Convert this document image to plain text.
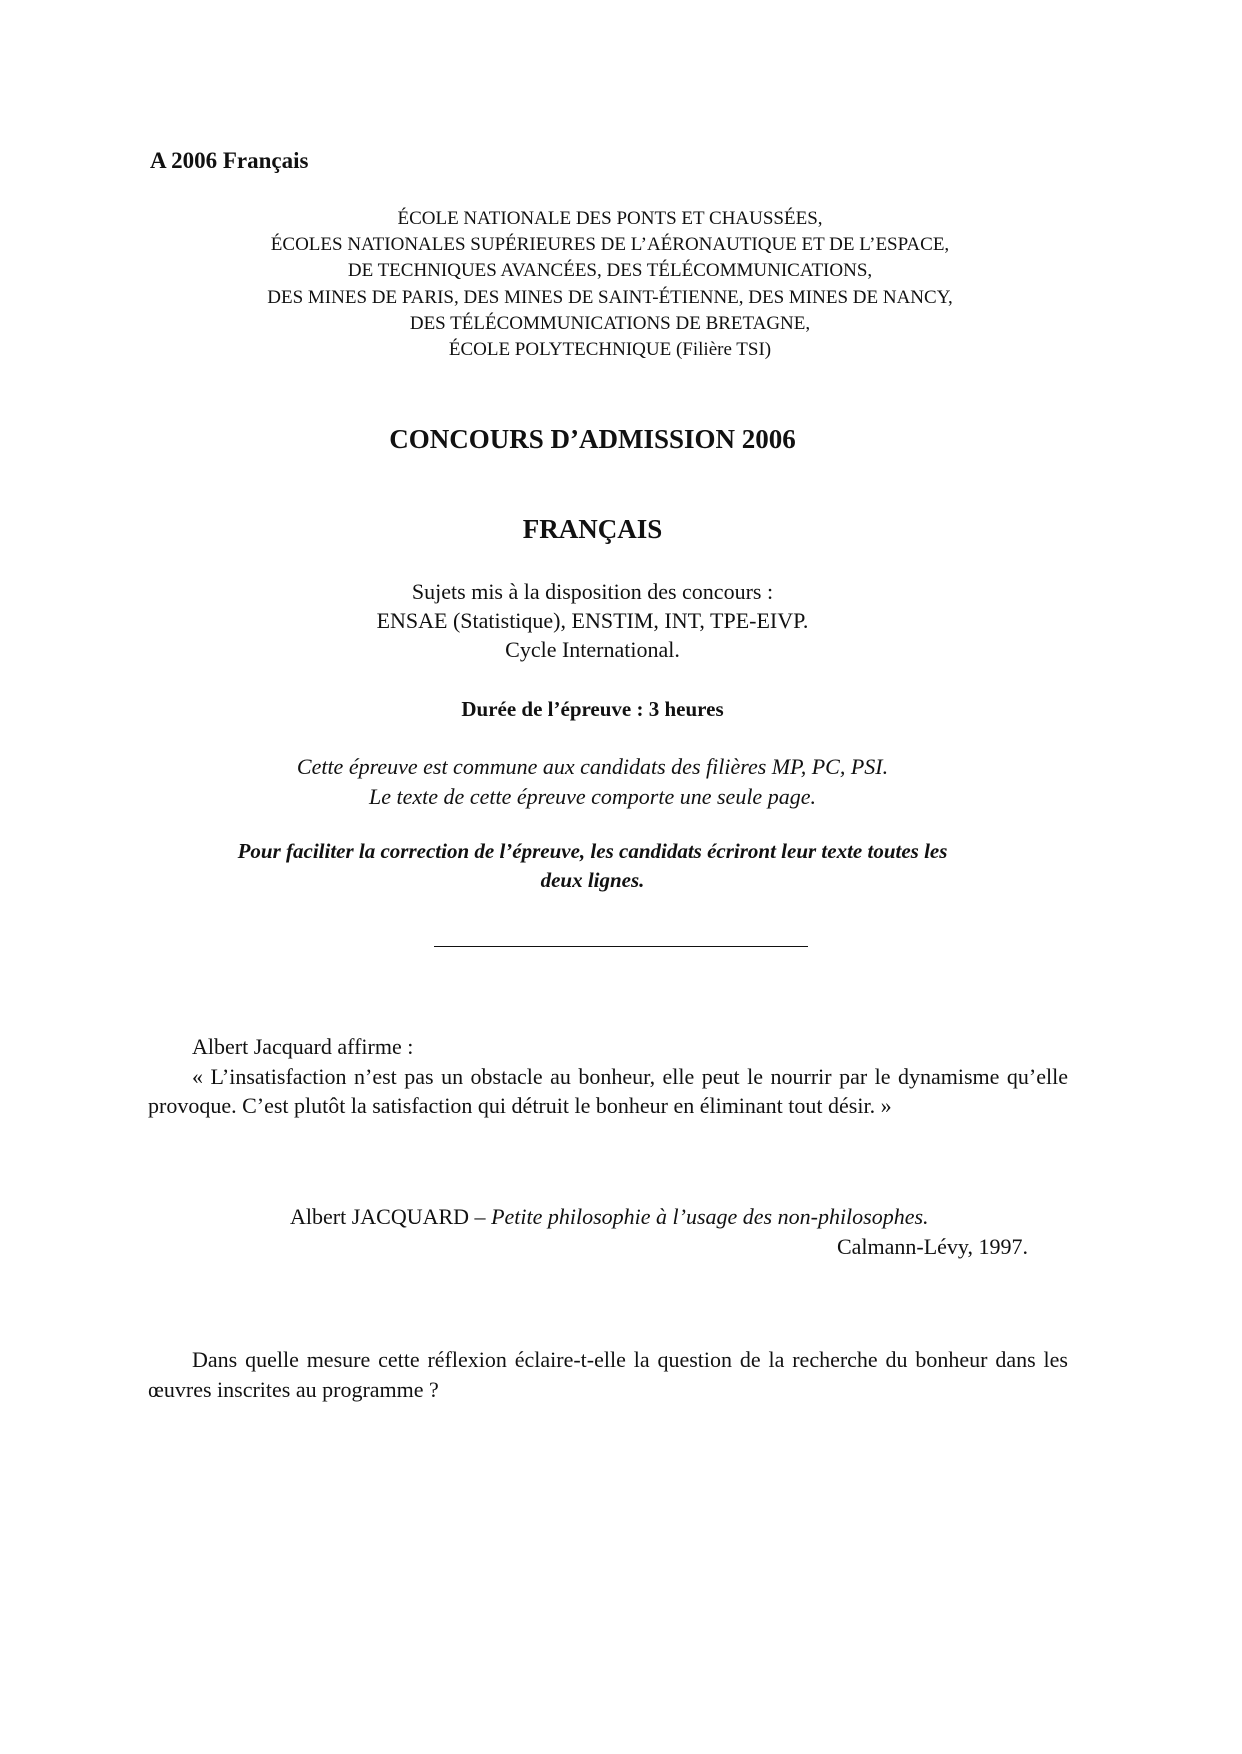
A 2006 Français

ÉCOLE NATIONALE DES PONTS ET CHAUSSÉES,
ÉCOLES NATIONALES SUPÉRIEURES DE L’AÉRONAUTIQUE ET DE L’ESPACE,
DE TECHNIQUES AVANCÉES, DES TÉLÉCOMMUNICATIONS,
DES MINES DE PARIS, DES MINES DE SAINT-ÉTIENNE, DES MINES DE NANCY,
DES TÉLÉCOMMUNICATIONS DE BRETAGNE,
ÉCOLE POLYTECHNIQUE (Filière TSI)
CONCOURS D’ADMISSION 2006
FRANÇAIS
Sujets mis à la disposition des concours :
ENSAE (Statistique), ENSTIM, INT, TPE-EIVP.
Cycle International.
Durée de l’épreuve : 3 heures
Cette épreuve est commune aux candidats des filières MP, PC, PSI.
Le texte de cette épreuve comporte une seule page.
Pour faciliter la correction de l’épreuve, les candidats écriront leur texte toutes les
deux lignes.
Albert Jacquard affirme :
« L’insatisfaction n’est pas un obstacle au bonheur, elle peut le nourrir par le dynamisme qu’elle provoque. C’est plutôt la satisfaction qui détruit le bonheur en éliminant tout désir. »
Albert JACQUARD – Petite philosophie à l’usage des non-philosophes.
Calmann-Lévy, 1997.
Dans quelle mesure cette réflexion éclaire-t-elle la question de la recherche du bonheur dans les œuvres inscrites au programme ?
